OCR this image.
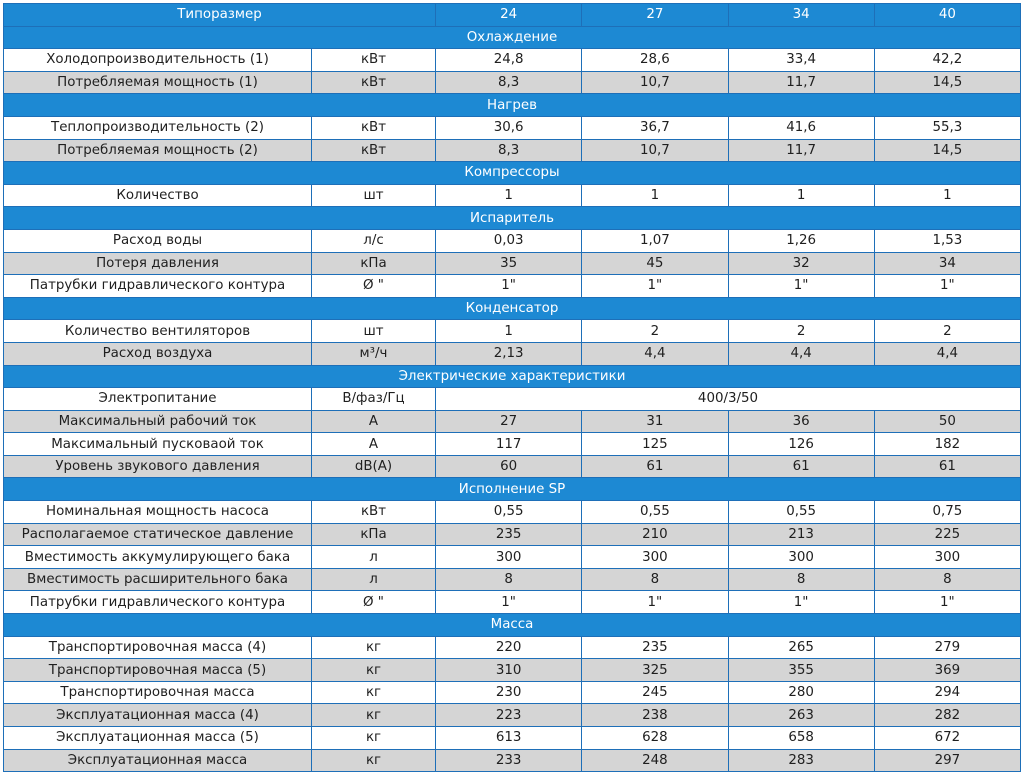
Типоразмер		24	27	34	40
Охлаждение					
Холодопроизводительность (1)	кВт	24,8	28,6	33,4	42,2
Потребляемая мощность (1)	кВт	8,3	10,7	11,7	14,5
Нагрев					
Теплопроизводительность (2)	кВт	30,6	36,7	41,6	55,3
Потребляемая мощность (2)	кВт	8,3	10,7	11,7	14,5
Компрессоры					
Количество	шт	1	1	1	1
Испаритель					
Расход воды	л/с	0,03	1,07	1,26	1,53
Потеря давления	кПа	35	45	32	34
Патрубки гидравлического контура	Ø "	1"	1"	1"	1"
Конденсатор					
Количество вентиляторов	шт	1	2	2	2
Расход воздуха	м³/ч	2,13	4,4	4,4	4,4
Электрические характеристики					
Электропитание	В/фаз/Гц	400/3/50			
Максимальный рабочий ток	А	27	31	36	50
Максимальный пусковаой ток	А	117	125	126	182
Уровень звукового давления	dB(A)	60	61	61	61
Исполнение SP					
Номинальная мощность насоса	кВт	0,55	0,55	0,55	0,75
Располагаемое статическое давление	кПа	235	210	213	225
Вместимость аккумулирующего бака	л	300	300	300	300
Вместимость расширительного бака	л	8	8	8	8
Патрубки гидравлического контура	Ø "	1"	1"	1"	1"
Масса					
Транспортировочная масса (4)	кг	220	235	265	279
Транспортировочная масса (5)	кг	310	325	355	369
Транспортировочная масса	кг	230	245	280	294
Эксплуатационная масса (4)	кг	223	238	263	282
Эксплуатационная масса (5)	кг	613	628	658	672
Эксплуатационная масса	кг	233	248	283	297
